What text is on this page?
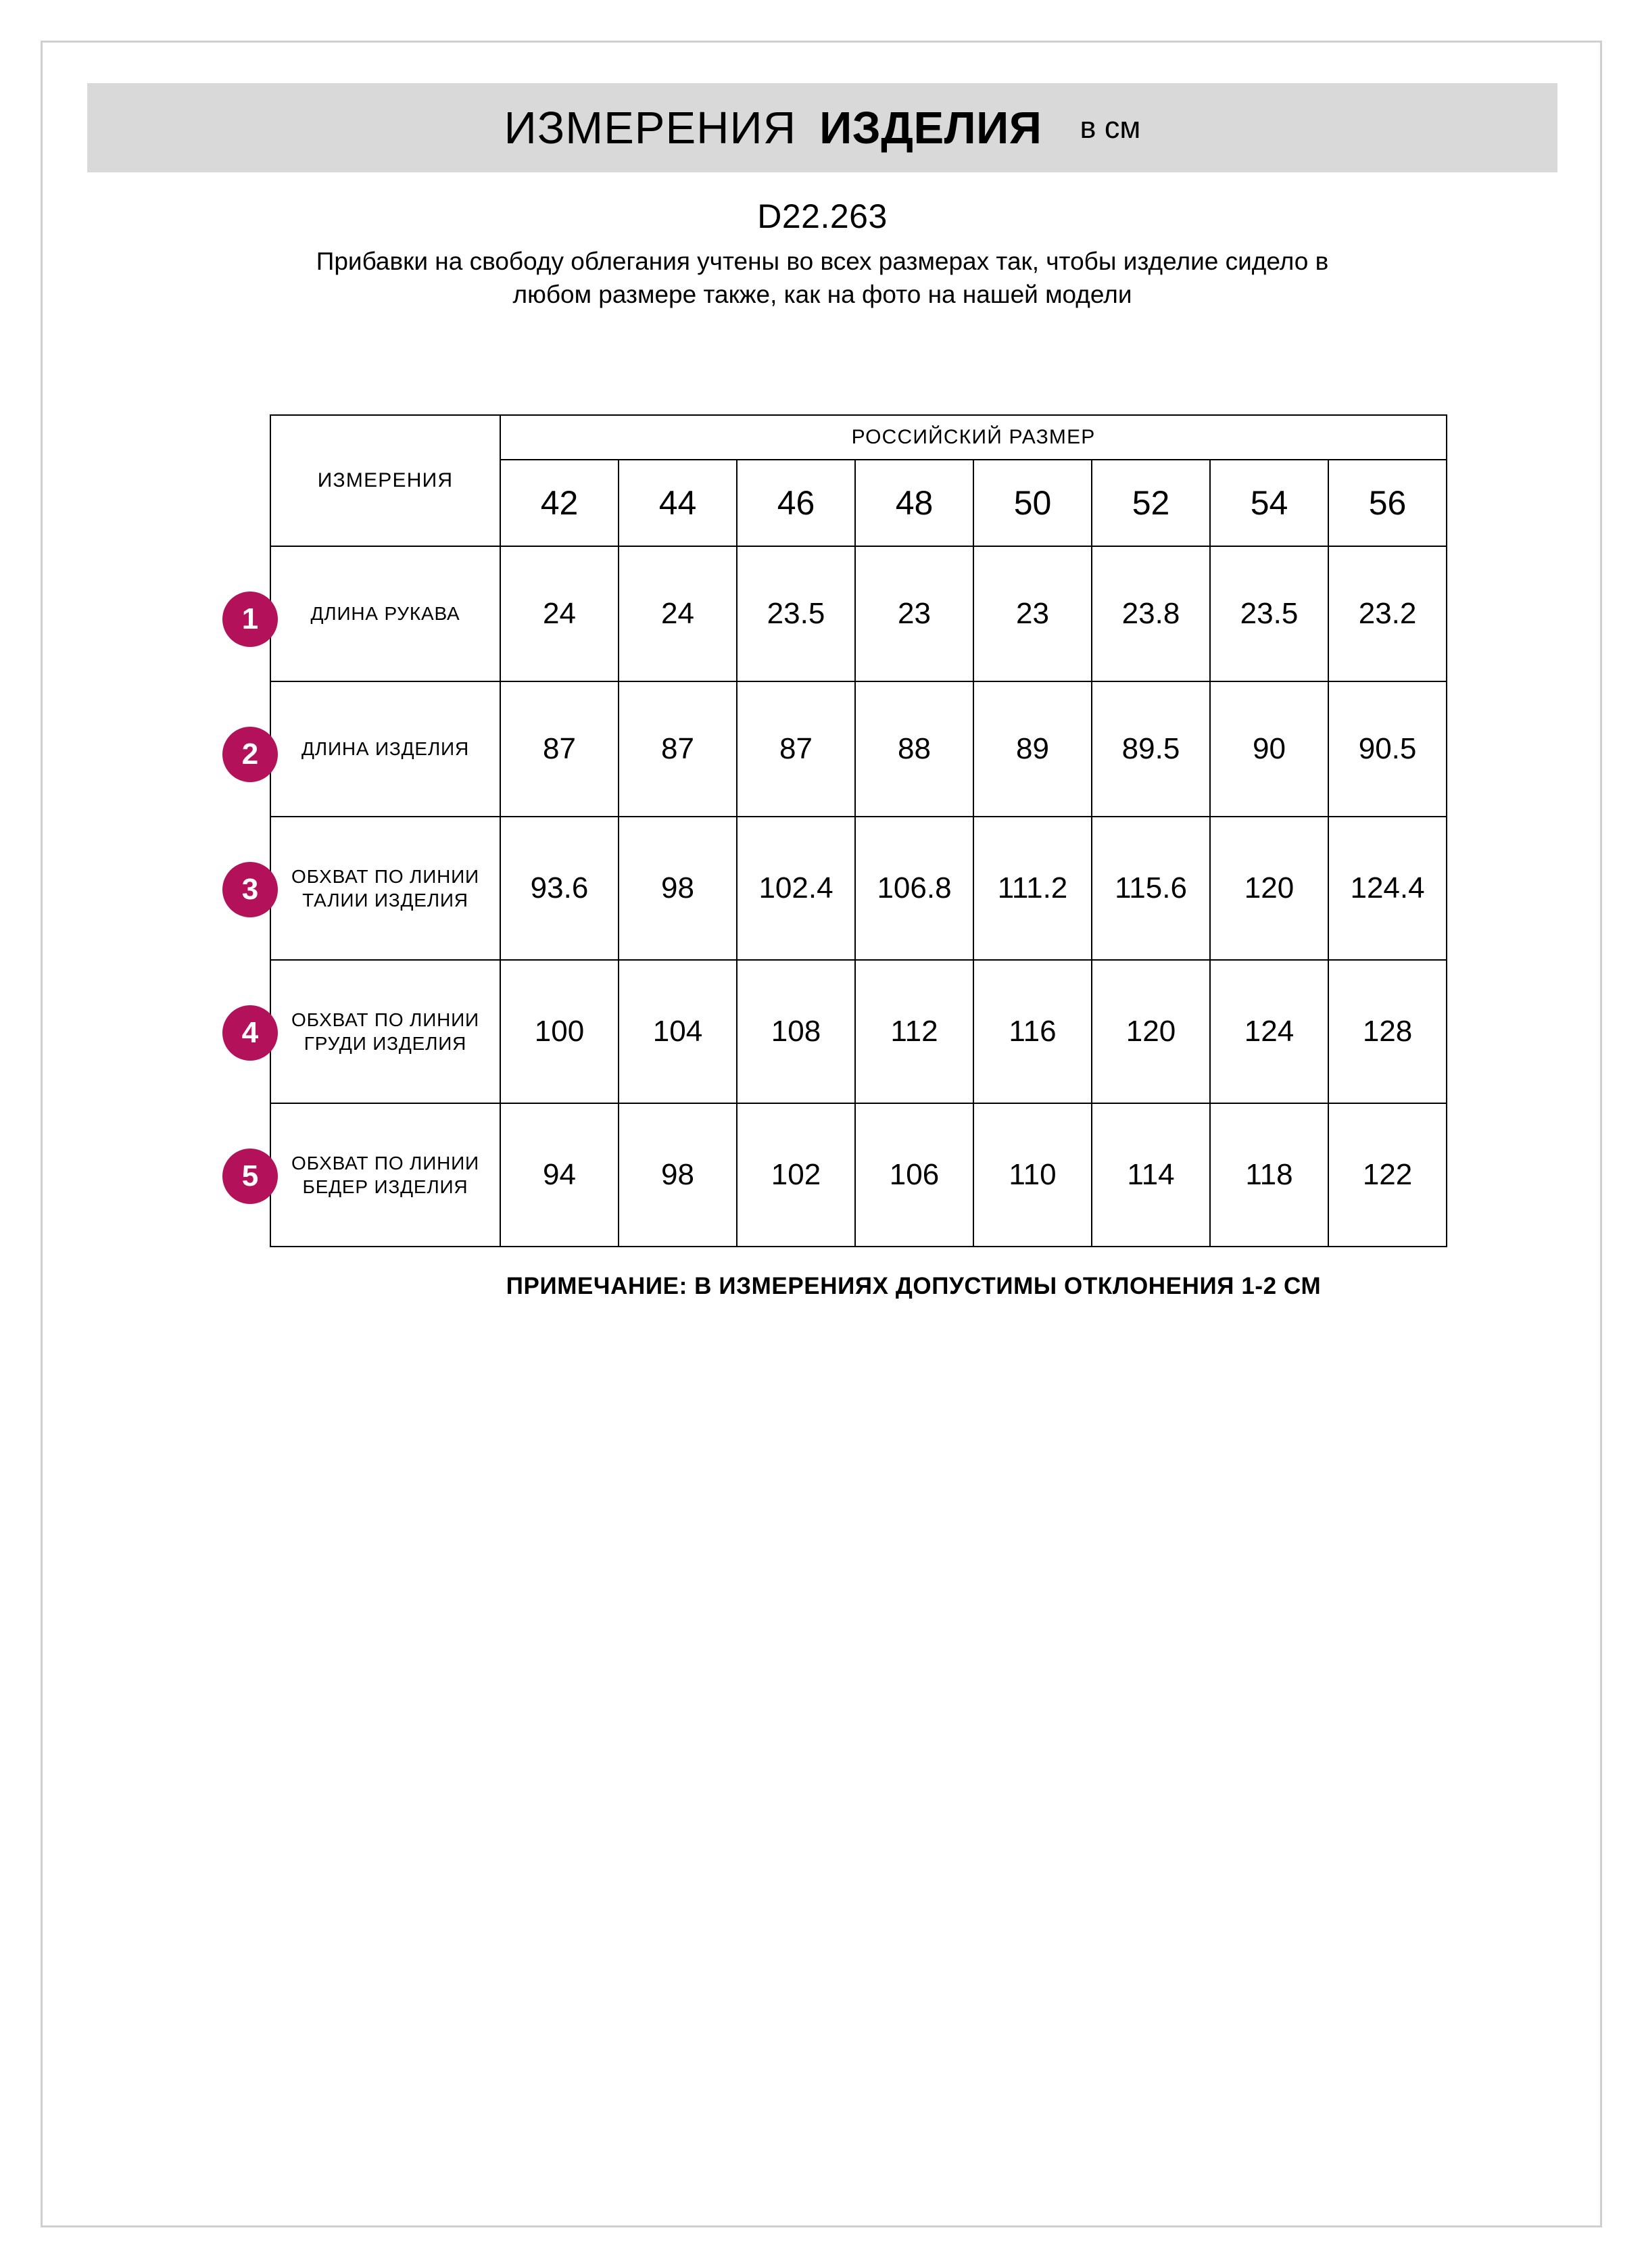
ИЗМЕРЕНИЯ ИЗДЕЛИЯ в см
D22.263
Прибавки на свободу облегания учтены во всех размерах так, чтобы изделие сидело в любом размере также, как на фото на нашей модели
1
2
3
4
5
ИЗМЕРЕНИЯ	РОССИЙСКИЙ РАЗМЕР							
	42	44	46	48	50	52	54	56
ДЛИНА РУКАВА	24	24	23.5	23	23	23.8	23.5	23.2
ДЛИНА ИЗДЕЛИЯ	87	87	87	88	89	89.5	90	90.5
ОБХВАТ ПО ЛИНИИ ТАЛИИ ИЗДЕЛИЯ	93.6	98	102.4	106.8	111.2	115.6	120	124.4
ОБХВАТ ПО ЛИНИИ ГРУДИ ИЗДЕЛИЯ	100	104	108	112	116	120	124	128
ОБХВАТ ПО ЛИНИИ БЕДЕР ИЗДЕЛИЯ	94	98	102	106	110	114	118	122
ПРИМЕЧАНИЕ: В ИЗМЕРЕНИЯХ ДОПУСТИМЫ ОТКЛОНЕНИЯ 1-2 СМ
